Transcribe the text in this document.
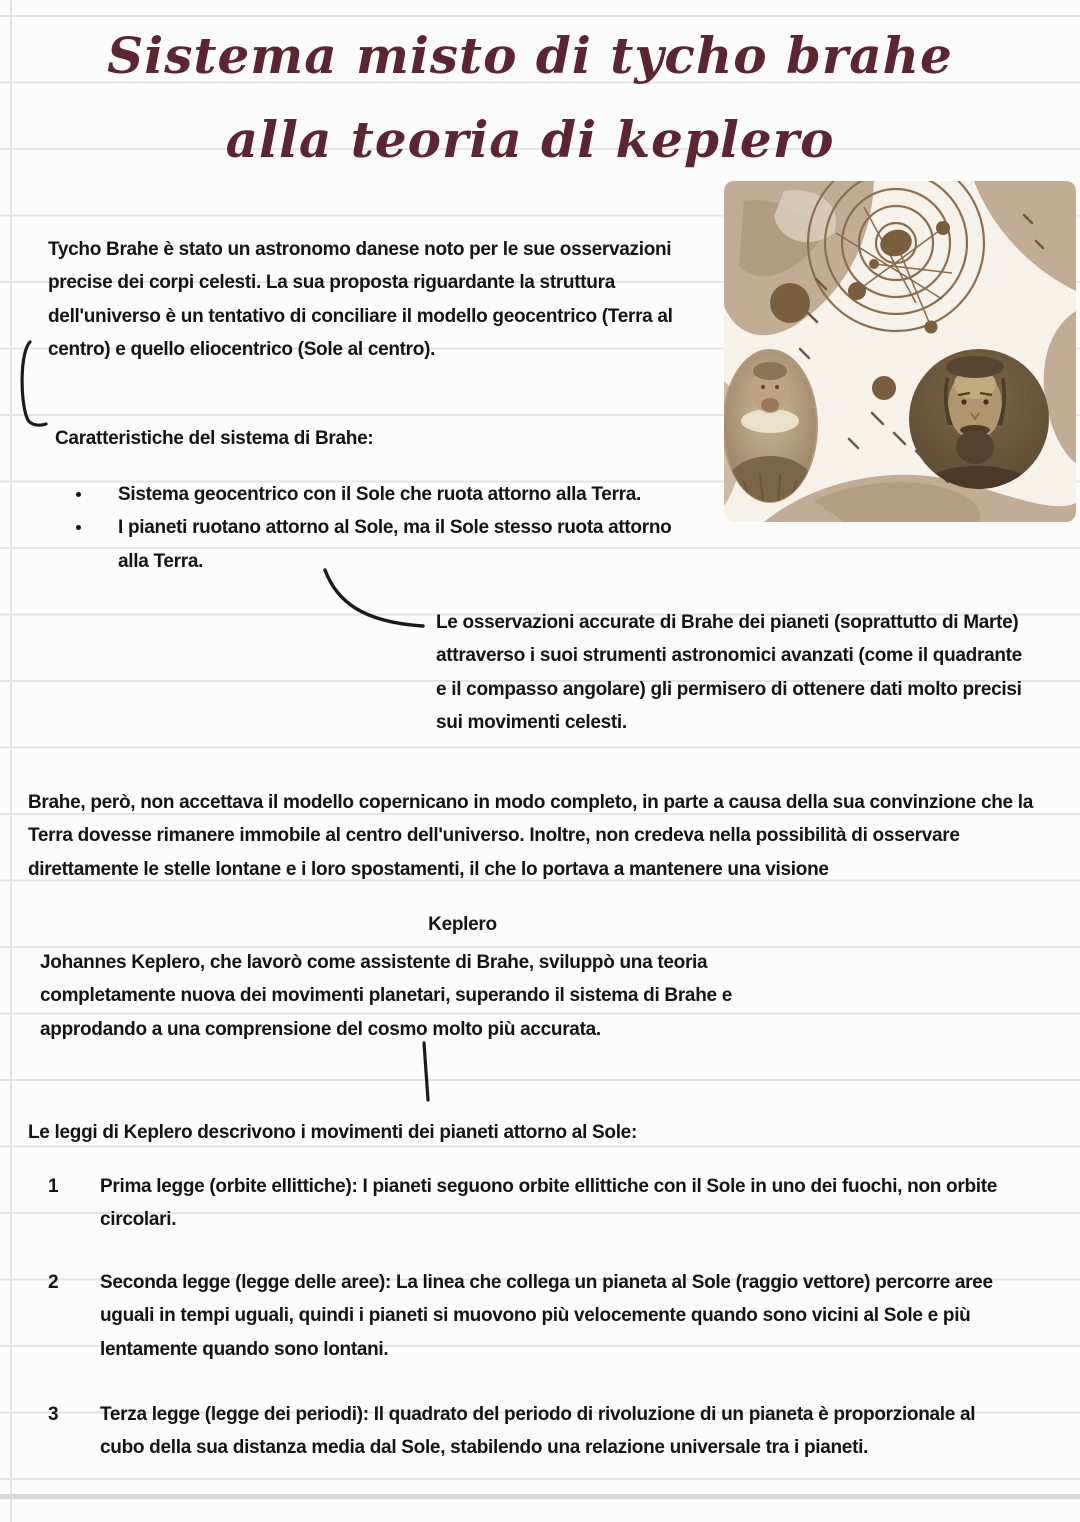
Sistema misto di tycho brahe
alla teoria di keplero
Tycho Brahe è stato un astronomo danese noto per le sue osservazioni precise dei corpi celesti. La sua proposta riguardante la struttura dell'universo è un tentativo di conciliare il modello geocentrico (Terra al centro) e quello eliocentrico (Sole al centro).
Caratteristiche del sistema di Brahe:
Sistema geocentrico con il Sole che ruota attorno alla Terra.
I pianeti ruotano attorno al Sole, ma il Sole stesso ruota attorno alla Terra.
Le osservazioni accurate di Brahe dei pianeti (soprattutto di Marte) attraverso i suoi strumenti astronomici avanzati (come il quadrante e il compasso angolare) gli permisero di ottenere dati molto precisi sui movimenti celesti.
Brahe, però, non accettava il modello copernicano in modo completo, in parte a causa della sua convinzione che la Terra dovesse rimanere immobile al centro dell'universo. Inoltre, non credeva nella possibilità di osservare direttamente le stelle lontane e i loro spostamenti, il che lo portava a mantenere una visione
Keplero
Johannes Keplero, che lavorò come assistente di Brahe, sviluppò una teoria completamente nuova dei movimenti planetari, superando il sistema di Brahe e approdando a una comprensione del cosmo molto più accurata.
Le leggi di Keplero descrivono i movimenti dei pianeti attorno al Sole:
1	Prima legge (orbite ellittiche): I pianeti seguono orbite ellittiche con il Sole in uno dei fuochi, non orbite circolari.
2	Seconda legge (legge delle aree): La linea che collega un pianeta al Sole (raggio vettore) percorre aree uguali in tempi uguali, quindi i pianeti si muovono più velocemente quando sono vicini al Sole e più lentamente quando sono lontani.
3	Terza legge (legge dei periodi): Il quadrato del periodo di rivoluzione di un pianeta è proporzionale al cubo della sua distanza media dal Sole, stabilendo una relazione universale tra i pianeti.
